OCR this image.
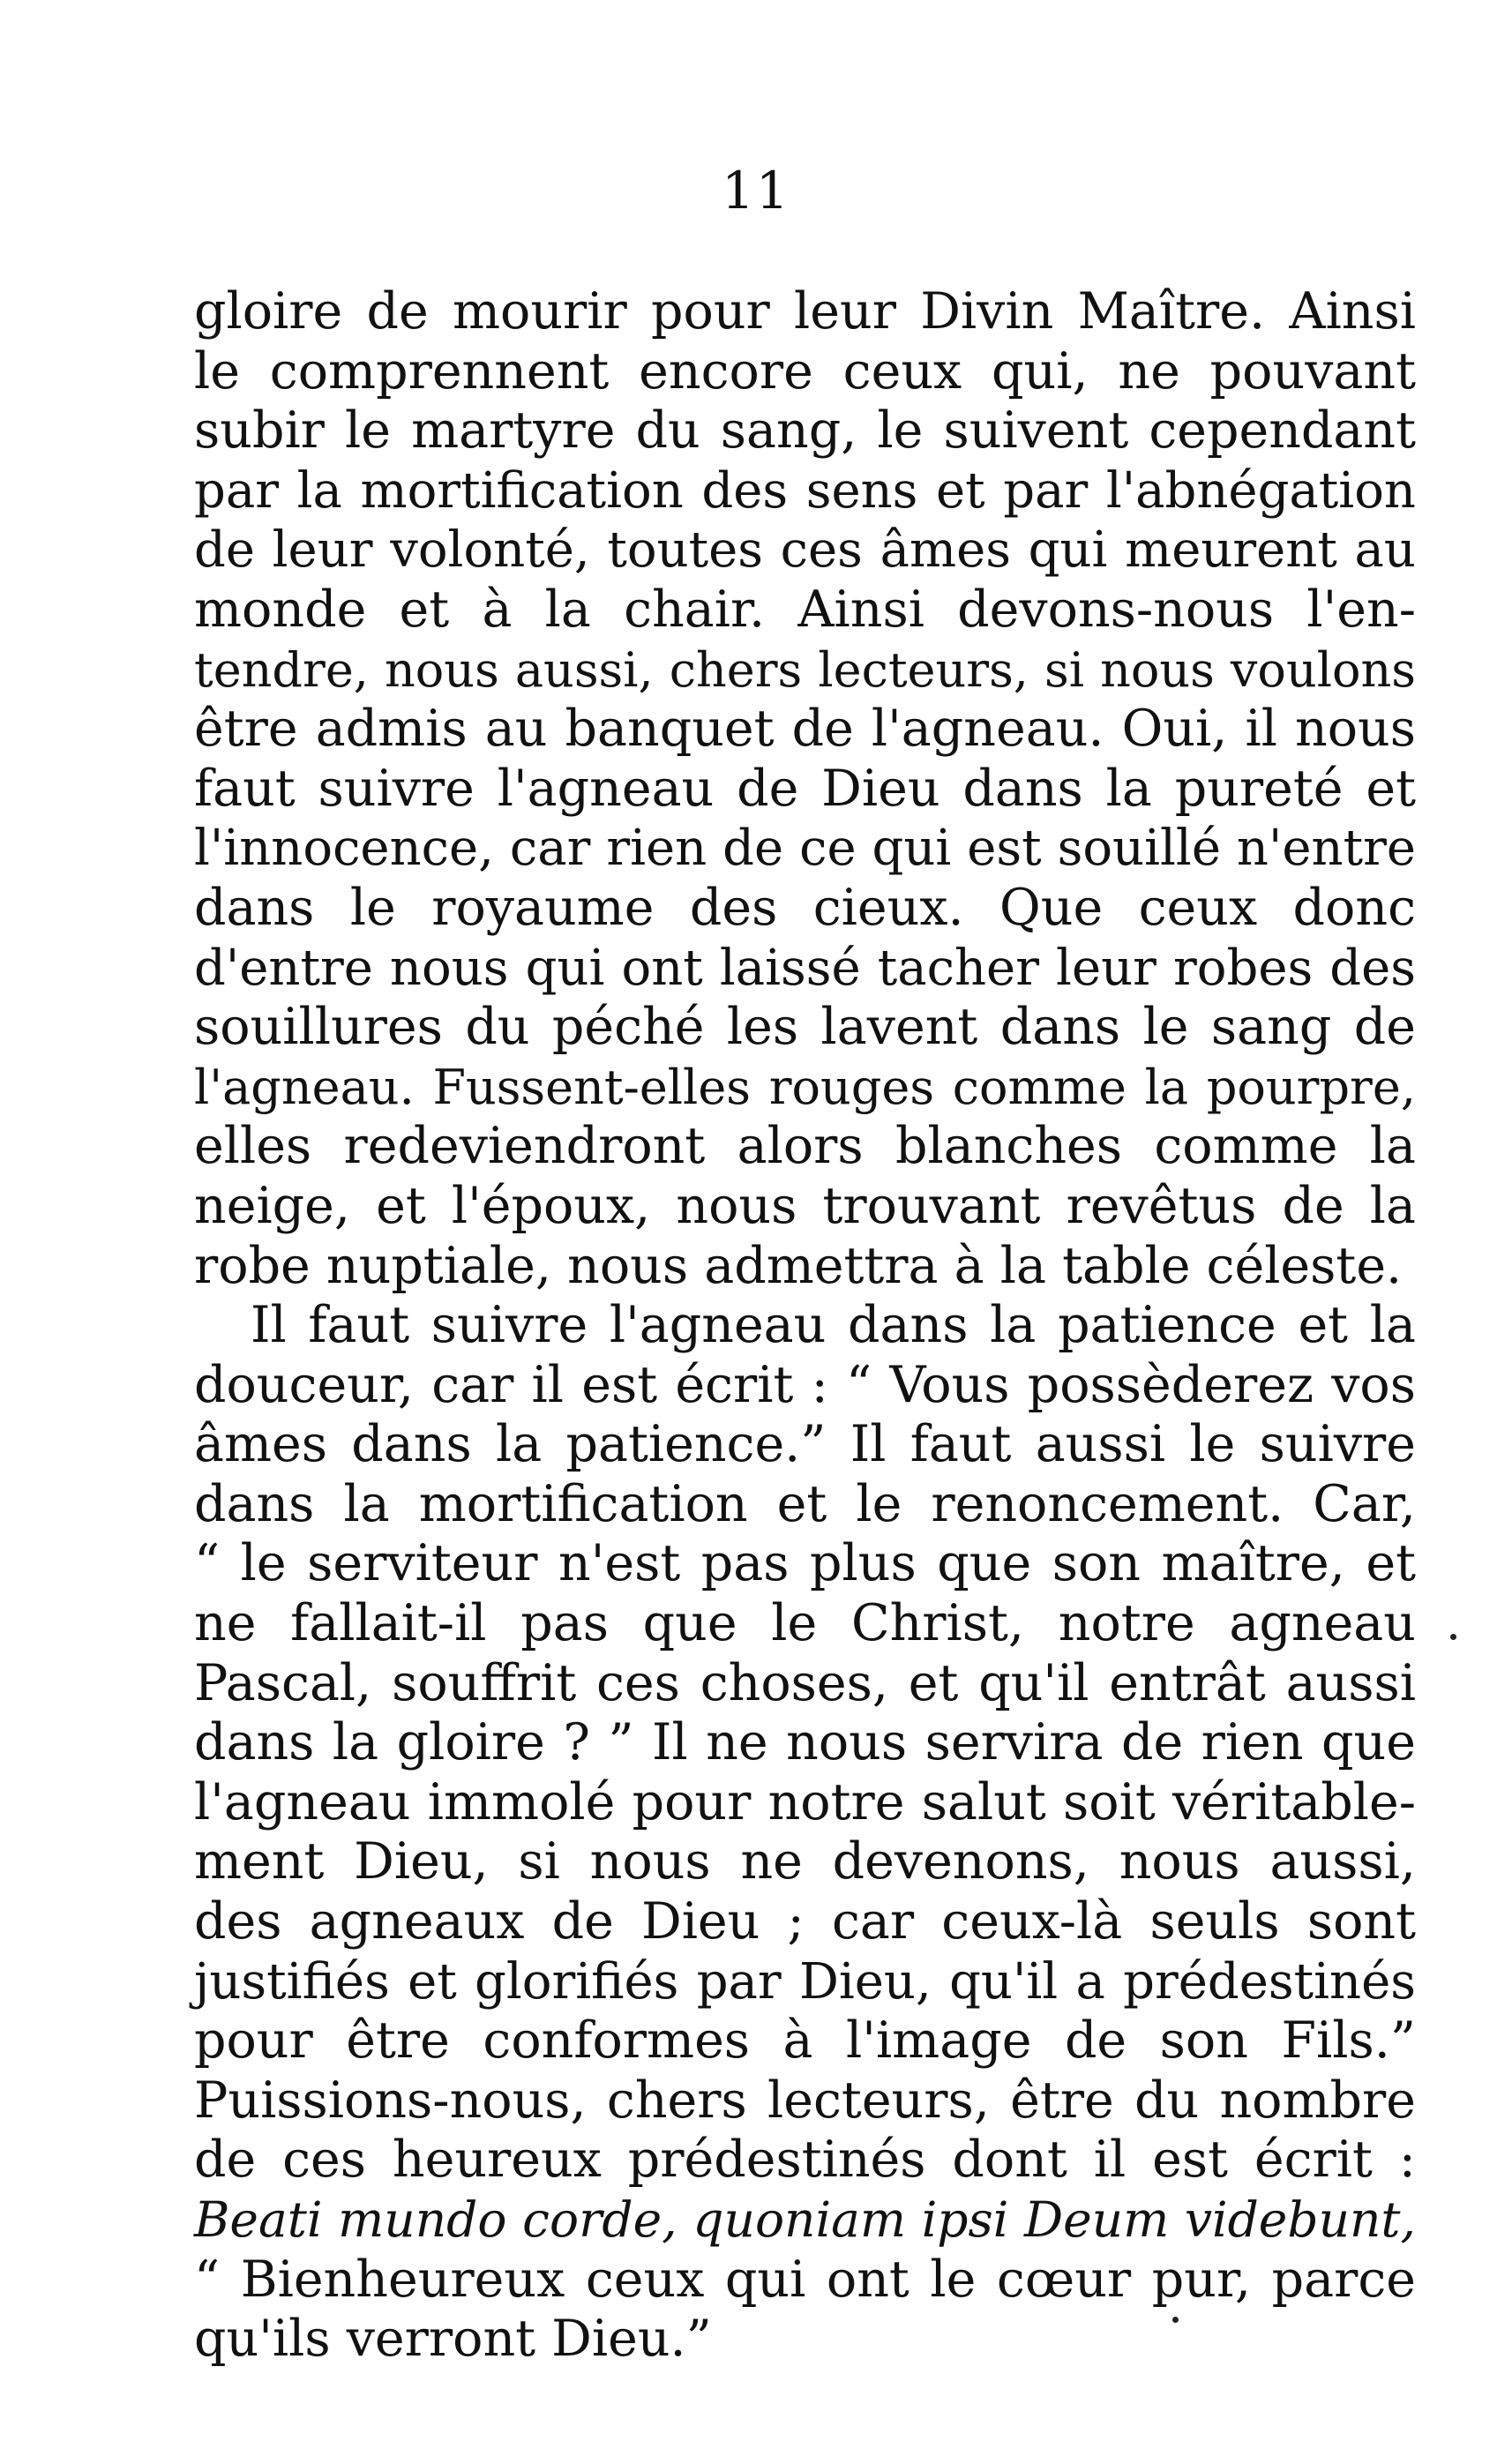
11
gloire de mourir pour leur Divin Maître. Ainsi
le comprennent encore ceux qui, ne pouvant
subir le martyre du sang, le suivent cependant
par la mortification des sens et par l'abnégation
de leur volonté, toutes ces âmes qui meurent au
monde et à la chair. Ainsi devons-nous l'en-
tendre, nous aussi, chers lecteurs, si nous voulons
être admis au banquet de l'agneau. Oui, il nous
faut suivre l'agneau de Dieu dans la pureté et
l'innocence, car rien de ce qui est souillé n'entre
dans le royaume des cieux. Que ceux donc
d'entre nous qui ont laissé tacher leur robes des
souillures du péché les lavent dans le sang de
l'agneau. Fussent-elles rouges comme la pourpre,
elles redeviendront alors blanches comme la
neige, et l'époux, nous trouvant revêtus de la
robe nuptiale, nous admettra à la table céleste.
Il faut suivre l'agneau dans la patience et la
douceur, car il est écrit : “ Vous possèderez vos
âmes dans la patience.” Il faut aussi le suivre
dans la mortification et le renoncement. Car,
“ le serviteur n'est pas plus que son maître, et
ne fallait-il pas que le Christ, notre agneau
Pascal, souffrit ces choses, et qu'il entrât aussi
dans la gloire ? ” Il ne nous servira de rien que
l'agneau immolé pour notre salut soit véritable-
ment Dieu, si nous ne devenons, nous aussi,
des agneaux de Dieu ; car ceux-là seuls sont
justifiés et glorifiés par Dieu, qu'il a prédestinés
pour être conformes à l'image de son Fils.”
Puissions-nous, chers lecteurs, être du nombre
de ces heureux prédestinés dont il est écrit :
Beati mundo corde, quoniam ipsi Deum videbunt,
“ Bienheureux ceux qui ont le cœur pur, parce
qu'ils verront Dieu.”
